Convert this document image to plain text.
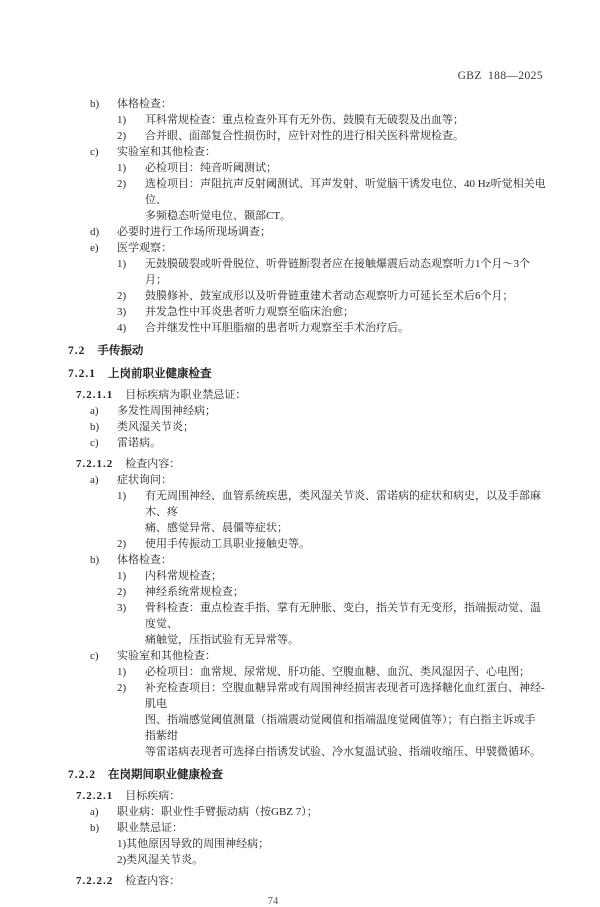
GBZ 188—2025
b) 体格检查：
1) 耳科常规检查：重点检查外耳有无外伤、鼓膜有无破裂及出血等；
2) 合并眼、面部复合性损伤时，应针对性的进行相关医科常规检查。
c) 实验室和其他检查：
1) 必检项目：纯音听阈测试；
2) 选检项目：声阻抗声反射阈测试、耳声发射、听觉脑干诱发电位、40 Hz听觉相关电位、
多频稳态听觉电位、颞部CT。
d) 必要时进行工作场所现场调查；
e) 医学观察：
1) 无鼓膜破裂或听骨脱位、听骨链断裂者应在接触爆震后动态观察听力1个月～3个月；
2) 鼓膜修补、鼓室成形以及听骨链重建术者动态观察听力可延长至术后6个月；
3) 并发急性中耳炎患者听力观察至临床治愈；
4) 合并继发性中耳胆脂瘤的患者听力观察至手术治疗后。
7.2 手传振动
7.2.1 上岗前职业健康检查
7.2.1.1 目标疾病为职业禁忌证：
a) 多发性周围神经病；
b) 类风湿关节炎；
c) 雷诺病。
7.2.1.2 检查内容：
a) 症状询问：
1) 有无周围神经、血管系统疾患，类风湿关节炎、雷诺病的症状和病史，以及手部麻木、疼
痛、感觉异常、晨僵等症状；
2) 使用手传振动工具职业接触史等。
b) 体格检查：
1) 内科常规检查；
2) 神经系统常规检查；
3) 骨科检查：重点检查手指、掌有无肿胀、变白，指关节有无变形，指端振动觉、温度觉、
痛触觉，压指试验有无异常等。
c) 实验室和其他检查：
1) 必检项目：血常规、尿常规、肝功能、空腹血糖、血沉、类风湿因子、心电图；
2) 补充检查项目：空腹血糖异常或有周围神经损害表现者可选择糖化血红蛋白、神经-肌电
图、指端感觉阈值测量（指端震动觉阈值和指端温度觉阈值等）；有白指主诉或手指紫绀
等雷诺病表现者可选择白指诱发试验、冷水复温试验、指端收缩压、甲襞微循环。
7.2.2 在岗期间职业健康检查
7.2.2.1 目标疾病：
a) 职业病：职业性手臂振动病（按GBZ 7）；
b) 职业禁忌证：
1)其他原因导致的周围神经病；
2)类风湿关节炎。
7.2.2.2 检查内容：
74
